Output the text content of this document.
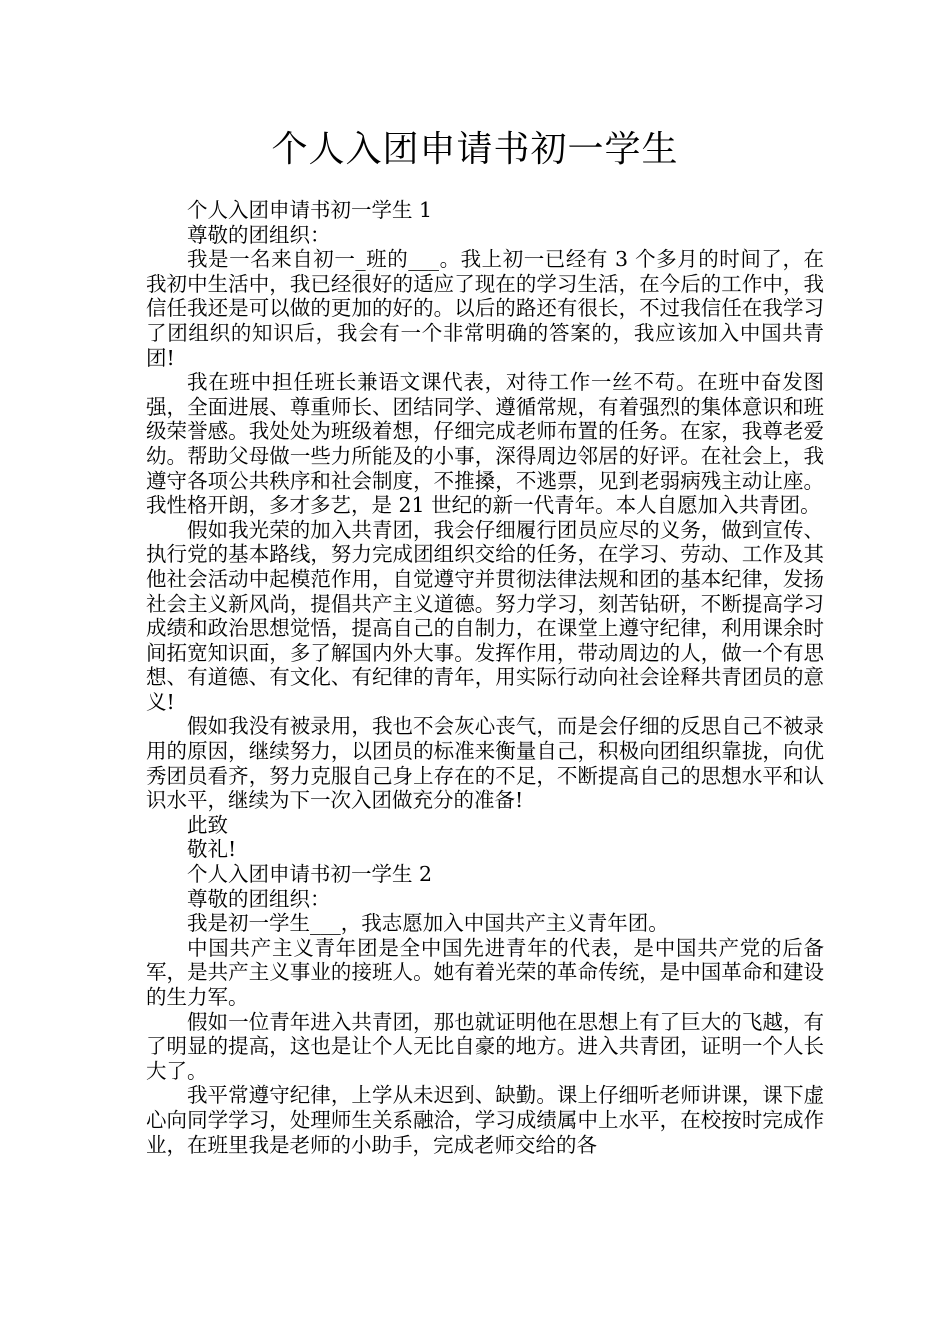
个人入团申请书初一学生

个人入团申请书初一学生 1

尊敬的团组织：

我是一名来自初一_班的___。我上初一已经有 3 个多月的时间了，在我初中生活中，我已经很好的适应了现在的学习生活，在今后的工作中，我信任我还是可以做的更加的好的。以后的路还有很长，不过我信任在我学习了团组织的知识后，我会有一个非常明确的答案的，我应该加入中国共青团!

我在班中担任班长兼语文课代表，对待工作一丝不苟。在班中奋发图强，全面进展、尊重师长、团结同学、遵循常规，有着强烈的集体意识和班级荣誉感。我处处为班级着想，仔细完成老师布置的任务。在家，我尊老爱幼。帮助父母做一些力所能及的小事，深得周边邻居的好评。在社会上，我遵守各项公共秩序和社会制度，不推搡，不逃票，见到老弱病残主动让座。我性格开朗，多才多艺，是 21 世纪的新一代青年。本人自愿加入共青团。

假如我光荣的加入共青团，我会仔细履行团员应尽的义务，做到宣传、执行党的基本路线，努力完成团组织交给的任务，在学习、劳动、工作及其他社会活动中起模范作用，自觉遵守并贯彻法律法规和团的基本纪律，发扬社会主义新风尚，提倡共产主义道德。努力学习，刻苦钻研，不断提高学习成绩和政治思想觉悟，提高自己的自制力，在课堂上遵守纪律，利用课余时间拓宽知识面，多了解国内外大事。发挥作用，带动周边的人，做一个有思想、有道德、有文化、有纪律的青年，用实际行动向社会诠释共青团员的意义!

假如我没有被录用，我也不会灰心丧气，而是会仔细的反思自己不被录用的原因，继续努力，以团员的标准来衡量自己，积极向团组织靠拢，向优秀团员看齐，努力克服自己身上存在的不足，不断提高自己的思想水平和认识水平，继续为下一次入团做充分的准备!

此致

敬礼!

个人入团申请书初一学生 2

尊敬的团组织：

我是初一学生___，我志愿加入中国共产主义青年团。

中国共产主义青年团是全中国先进青年的代表，是中国共产党的后备军，是共产主义事业的接班人。她有着光荣的革命传统，是中国革命和建设的生力军。

假如一位青年进入共青团，那也就证明他在思想上有了巨大的飞越，有了明显的提高，这也是让个人无比自豪的地方。进入共青团，证明一个人长大了。

我平常遵守纪律，上学从未迟到、缺勤。课上仔细听老师讲课，课下虚心向同学学习，处理师生关系融洽，学习成绩属中上水平，在校按时完成作业，在班里我是老师的小助手，完成老师交给的各
